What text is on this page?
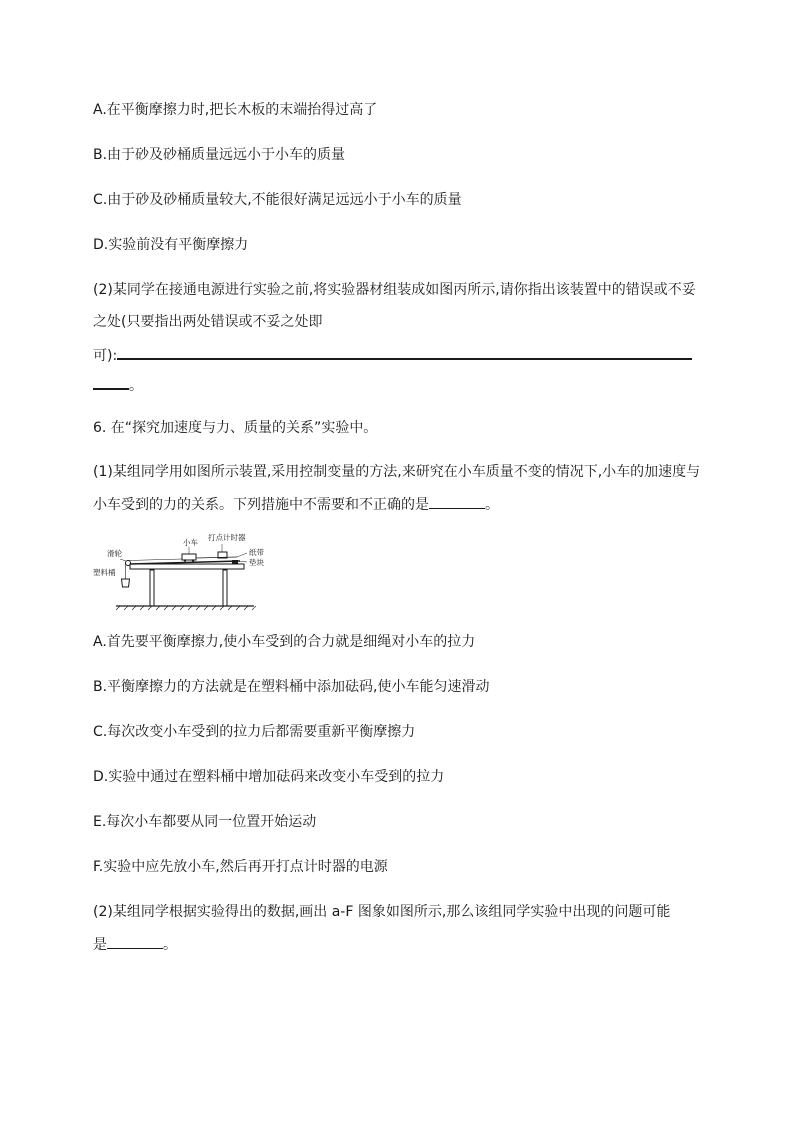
A.在平衡摩擦力时,把长木板的末端抬得过高了
B.由于砂及砂桶质量远远小于小车的质量
C.由于砂及砂桶质量较大,不能很好满足远远小于小车的质量
D.实验前没有平衡摩擦力
(2)某同学在接通电源进行实验之前,将实验器材组装成如图丙所示,请你指出该装置中的错误或不妥
之处(只要指出两处错误或不妥之处即
可):
。
6. 在“探究加速度与力、质量的关系”实验中。
(1)某组同学用如图所示装置,采用控制变量的方法,来研究在小车质量不变的情况下,小车的加速度与
小车受到的力的关系。下列措施中不需要和不正确的是	。
滑轮
小车
打点计时器
纸带
垫块
塑料桶
A.首先要平衡摩擦力,使小车受到的合力就是细绳对小车的拉力
B.平衡摩擦力的方法就是在塑料桶中添加砝码,使小车能匀速滑动
C.每次改变小车受到的拉力后都需要重新平衡摩擦力
D.实验中通过在塑料桶中增加砝码来改变小车受到的拉力
E.每次小车都要从同一位置开始运动
F.实验中应先放小车,然后再开打点计时器的电源
(2)某组同学根据实验得出的数据,画出 a-F 图象如图所示,那么该组同学实验中出现的问题可能
是	。
